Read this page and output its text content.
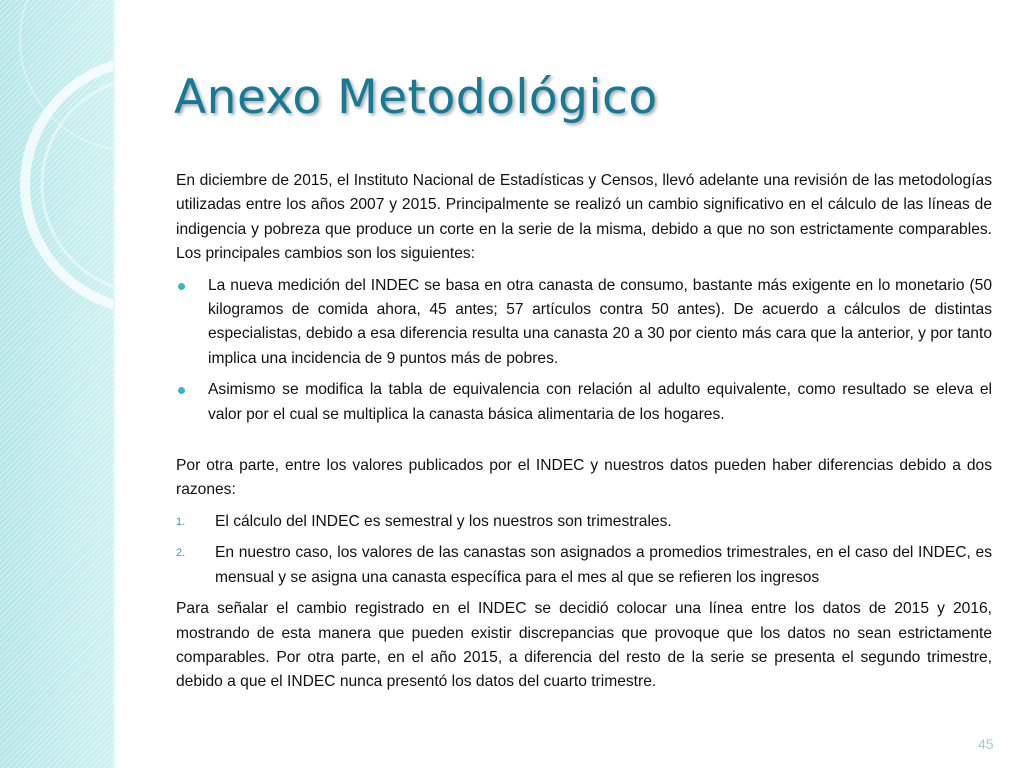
Anexo Metodológico

En diciembre de 2015, el Instituto Nacional de Estadísticas y Censos, llevó adelante una revisión de las metodologías utilizadas entre los años 2007 y 2015. Principalmente se realizó un cambio significativo en el cálculo de las líneas de indigencia y pobreza que produce un corte en la serie de la misma, debido a que no son estrictamente comparables. Los principales cambios son los siguientes:

La nueva medición del INDEC se basa en otra canasta de consumo, bastante más exigente en lo monetario (50 kilogramos de comida ahora, 45 antes; 57 artículos contra 50 antes). De acuerdo a cálculos de distintas especialistas, debido a esa diferencia resulta una canasta 20 a 30 por ciento más cara que la anterior, y por tanto implica una incidencia de 9 puntos más de pobres.
Asimismo se modifica la tabla de equivalencia con relación al adulto equivalente, como resultado se eleva el valor por el cual se multiplica la canasta básica alimentaria de los hogares.

Por otra parte, entre los valores publicados por el INDEC y nuestros datos pueden haber diferencias debido a dos razones:

1. El cálculo del INDEC es semestral y los nuestros son trimestrales.
2. En nuestro caso, los valores de las canastas son asignados a promedios trimestrales, en el caso del INDEC, es mensual y se asigna una canasta específica para el mes al que se refieren los ingresos

Para señalar el cambio registrado en el INDEC se decidió colocar una línea entre los datos de 2015 y 2016, mostrando de esta manera que pueden existir discrepancias que provoque que los datos no sean estrictamente comparables. Por otra parte, en el año 2015, a diferencia del resto de la serie se presenta el segundo trimestre, debido a que el INDEC nunca presentó los datos del cuarto trimestre.

45
